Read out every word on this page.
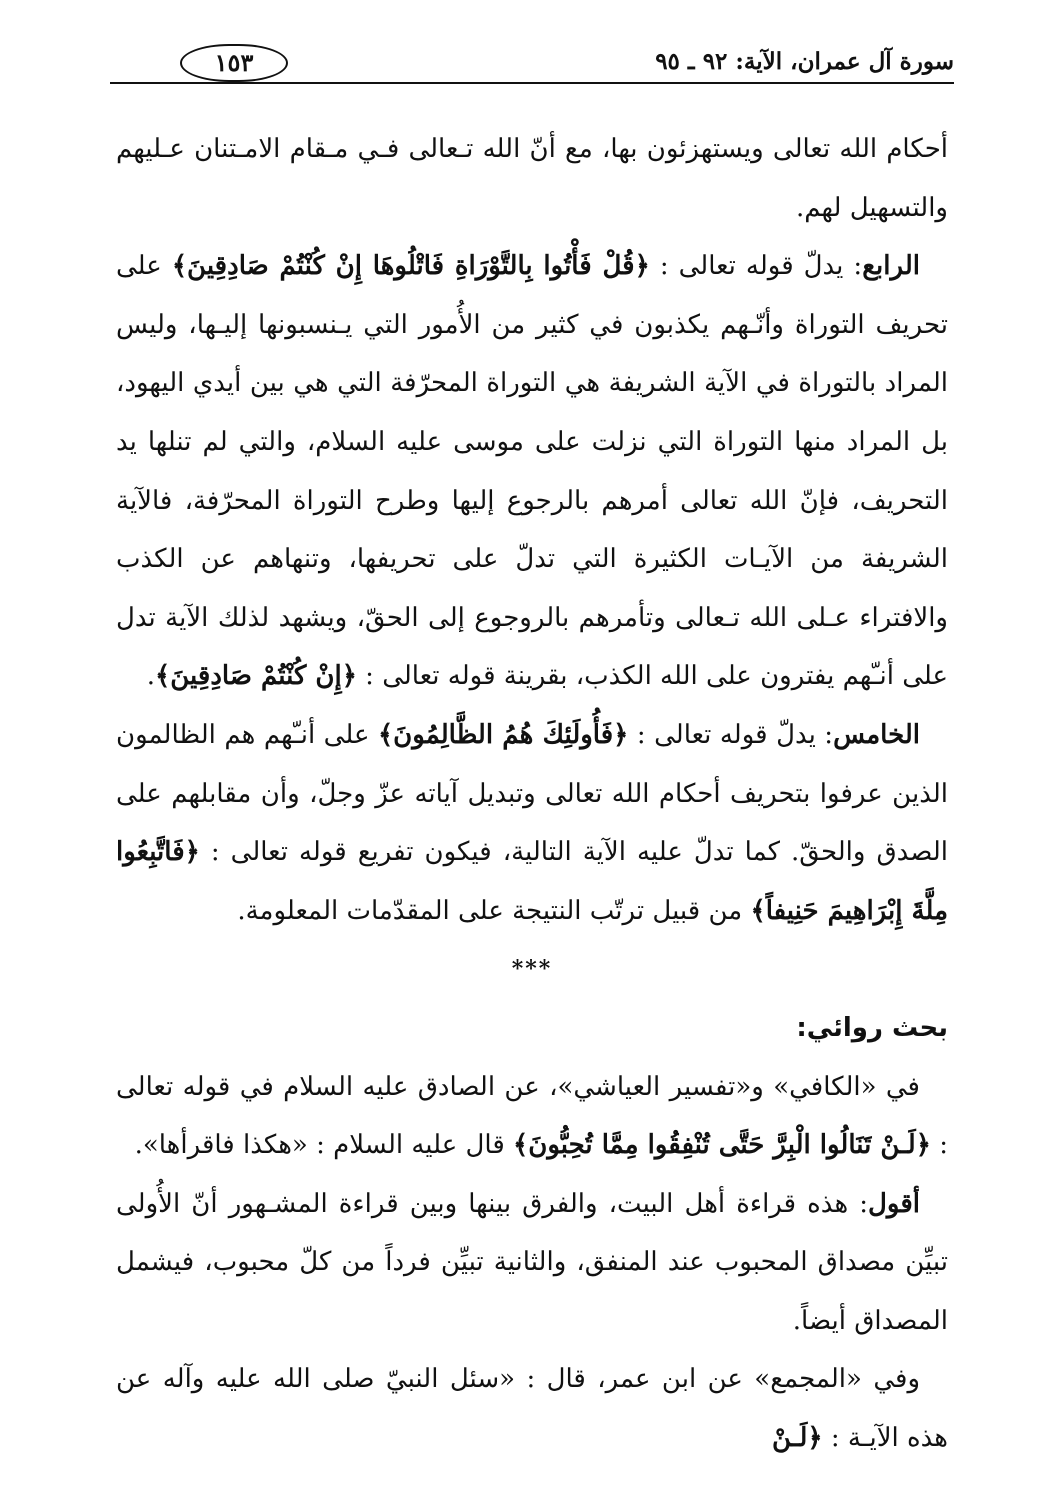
سورة آل عمران، الآية: ٩٢ ـ ٩٥
١٥٣

أحكام الله تعالى ويستهزئون بها، مع أنّ الله تـعالى فـي مـقام الامـتنان عـليهم والتسهيل لهم.

الرابع: يدلّ قوله تعالى : ﴿قُلْ فَأْتُوا بِالتَّوْرَاةِ فَاتْلُوهَا إِنْ كُنْتُمْ صَادِقِينَ﴾ على تحريف التوراة وأنّـهم يكذبون في كثير من الأُمور التي يـنسبونها إليـها، وليس المراد بالتوراة في الآية الشريفة هي التوراة المحرّفة التي هي بين أيدي اليهود، بل المراد منها التوراة التي نزلت على موسى عليه السلام، والتي لم تنلها يد التحريف، فإنّ الله تعالى أمرهم بالرجوع إليها وطرح التوراة المحرّفة، فالآية الشريفة من الآيـات الكثيرة التي تدلّ على تحريفها، وتنهاهم عن الكذب والافتراء عـلى الله تـعالى وتأمرهم بالروجوع إلى الحقّ، ويشهد لذلك الآية تدل على أنـّهم يفترون على الله الكذب، بقرينة قوله تعالى : ﴿إِنْ كُنْتُمْ صَادِقِينَ﴾.

الخامس: يدلّ قوله تعالى : ﴿فَأُولَئِكَ هُمُ الظَّالِمُونَ﴾ على أنـّهم هم الظالمون الذين عرفوا بتحريف أحكام الله تعالى وتبديل آياته عزّ وجلّ، وأن مقابلهم على الصدق والحقّ. كما تدلّ عليه الآية التالية، فيكون تفريع قوله تعالى : ﴿فَاتَّبِعُوا مِلَّةَ إِبْرَاهِيمَ حَنِيفاً﴾ من قبيل ترتّب النتيجة على المقدّمات المعلومة.

***

بحث روائي:

في «الكافي» و«تفسير العياشي»، عن الصادق عليه السلام في قوله تعالى : ﴿لَـنْ تَنَالُوا الْبِرَّ حَتَّى تُنْفِقُوا مِمَّا تُحِبُّونَ﴾ قال عليه السلام : «هكذا فاقرأها».

أقول: هذه قراءة أهل البيت، والفرق بينها وبين قراءة المشـهور أنّ الأُولى تبيِّن مصداق المحبوب عند المنفق، والثانية تبيِّن فرداً من كلّ محبوب، فيشمل المصداق أيضاً.

وفي «المجمع» عن ابن عمر، قال : «سئل النبيّ صلى الله عليه وآله عن هذه الآيـة : ﴿لَـنْ
